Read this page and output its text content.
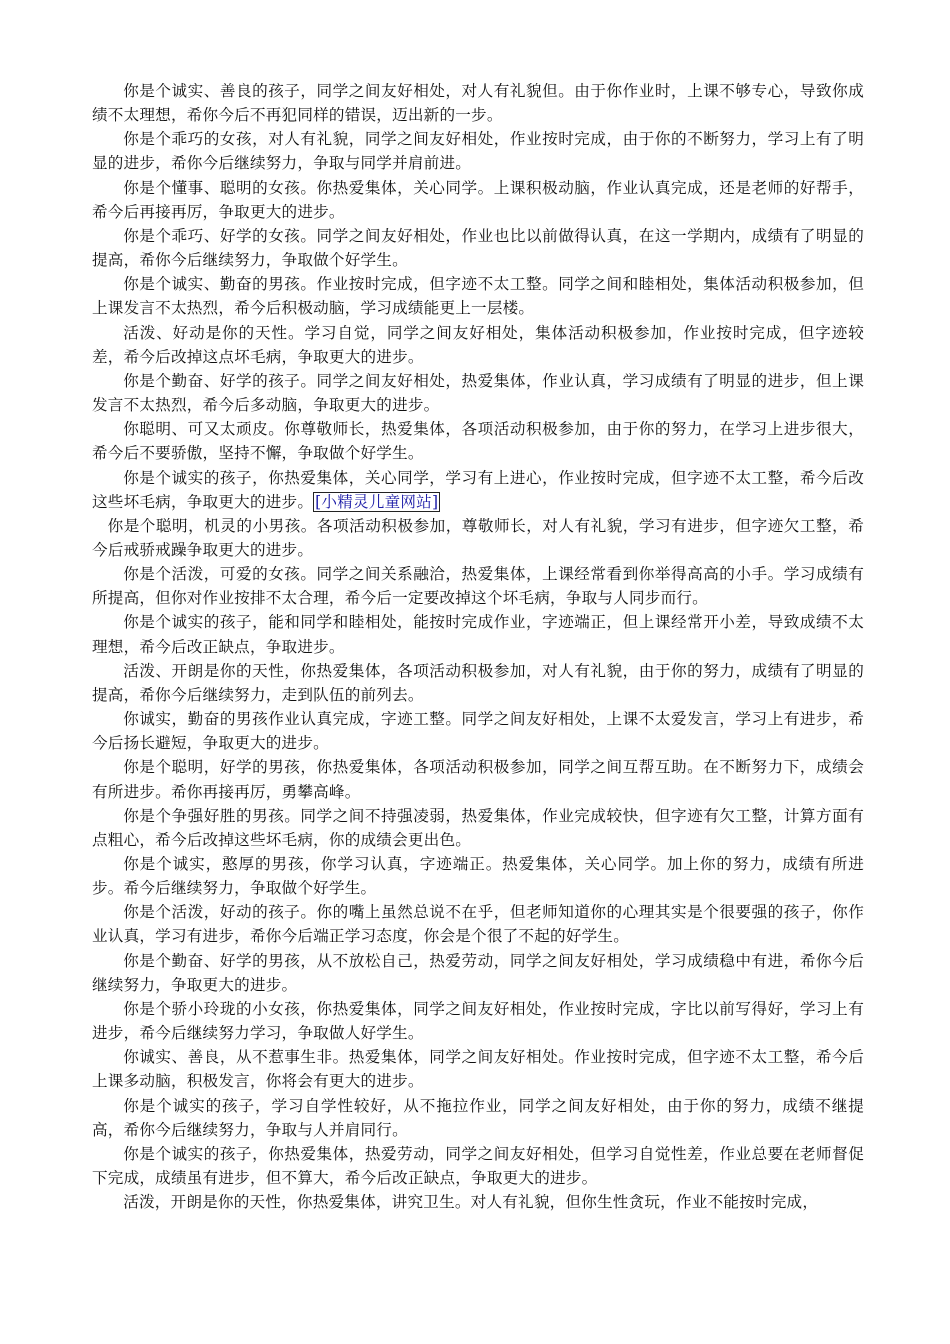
你是个诚实、善良的孩子，同学之间友好相处，对人有礼貌但。由于你作业时，上课不够专心，导致你成绩不太理想，希你今后不再犯同样的错误，迈出新的一步。

你是个乖巧的女孩，对人有礼貌，同学之间友好相处，作业按时完成，由于你的不断努力，学习上有了明显的进步，希你今后继续努力，争取与同学并肩前进。

你是个懂事、聪明的女孩。你热爱集体，关心同学。上课积极动脑，作业认真完成，还是老师的好帮手，希今后再接再厉，争取更大的进步。

你是个乖巧、好学的女孩。同学之间友好相处，作业也比以前做得认真，在这一学期内，成绩有了明显的提高，希你今后继续努力，争取做个好学生。

你是个诚实、勤奋的男孩。作业按时完成，但字迹不太工整。同学之间和睦相处，集体活动积极参加，但上课发言不太热烈，希今后积极动脑，学习成绩能更上一层楼。

活泼、好动是你的天性。学习自觉，同学之间友好相处，集体活动积极参加，作业按时完成，但字迹较差，希今后改掉这点坏毛病，争取更大的进步。

你是个勤奋、好学的孩子。同学之间友好相处，热爱集体，作业认真，学习成绩有了明显的进步，但上课发言不太热烈，希今后多动脑，争取更大的进步。

你聪明、可又太顽皮。你尊敬师长，热爱集体，各项活动积极参加，由于你的努力，在学习上进步很大，希今后不要骄傲，坚持不懈，争取做个好学生。

你是个诚实的孩子，你热爱集体，关心同学，学习有上进心，作业按时完成，但字迹不太工整，希今后改这些坏毛病，争取更大的进步。 [小精灵儿童网站]

你是个聪明，机灵的小男孩。各项活动积极参加，尊敬师长，对人有礼貌，学习有进步，但字迹欠工整，希今后戒骄戒躁争取更大的进步。

你是个活泼，可爱的女孩。同学之间关系融洽，热爱集体，上课经常看到你举得高高的小手。学习成绩有所提高，但你对作业按排不太合理，希今后一定要改掉这个坏毛病，争取与人同步而行。

你是个诚实的孩子，能和同学和睦相处，能按时完成作业，字迹端正，但上课经常开小差，导致成绩不太理想，希今后改正缺点，争取进步。

活泼、开朗是你的天性，你热爱集体，各项活动积极参加，对人有礼貌，由于你的努力，成绩有了明显的提高，希你今后继续努力，走到队伍的前列去。

你诚实，勤奋的男孩作业认真完成，字迹工整。同学之间友好相处，上课不太爱发言，学习上有进步，希今后扬长避短，争取更大的进步。

你是个聪明，好学的男孩，你热爱集体，各项活动积极参加，同学之间互帮互助。在不断努力下，成绩会有所进步。希你再接再厉，勇攀高峰。

你是个争强好胜的男孩。同学之间不持强凌弱，热爱集体，作业完成较快，但字迹有欠工整，计算方面有点粗心，希今后改掉这些坏毛病，你的成绩会更出色。

你是个诚实，憨厚的男孩，你学习认真，字迹端正。热爱集体，关心同学。加上你的努力，成绩有所进步。希今后继续努力，争取做个好学生。

你是个活泼，好动的孩子。你的嘴上虽然总说不在乎，但老师知道你的心理其实是个很要强的孩子，你作业认真，学习有进步，希你今后端正学习态度，你会是个很了不起的好学生。

你是个勤奋、好学的男孩，从不放松自己，热爱劳动，同学之间友好相处，学习成绩稳中有进，希你今后继续努力，争取更大的进步。

你是个骄小玲珑的小女孩，你热爱集体，同学之间友好相处，作业按时完成，字比以前写得好，学习上有进步，希今后继续努力学习，争取做人好学生。

你诚实、善良，从不惹事生非。热爱集体，同学之间友好相处。作业按时完成，但字迹不太工整，希今后上课多动脑，积极发言，你将会有更大的进步。

你是个诚实的孩子，学习自学性较好，从不拖拉作业，同学之间友好相处，由于你的努力，成绩不继提高，希你今后继续努力，争取与人并肩同行。

你是个诚实的孩子，你热爱集体，热爱劳动，同学之间友好相处，但学习自觉性差，作业总要在老师督促下完成，成绩虽有进步，但不算大，希今后改正缺点，争取更大的进步。

活泼，开朗是你的天性，你热爱集体，讲究卫生。对人有礼貌，但你生性贪玩，作业不能按时完成，
